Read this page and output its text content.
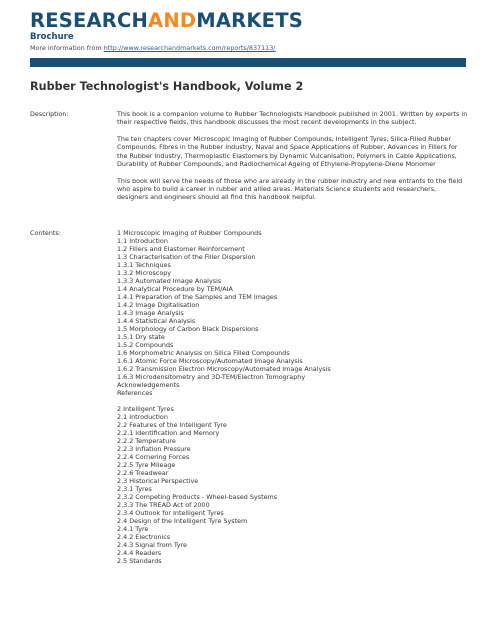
RESEARCHANDMARKETS
Brochure
More information from http://www.researchandmarkets.com/reports/837113/
Rubber Technologist's Handbook, Volume 2
Description:	This book is a companion volume to Rubber Technologists Handbook published in 2001. Written by experts in their respective fields, this handbook discusses the most recent developments in the subject.

The ten chapters cover Microscopic Imaging of Rubber Compounds, Intelligent Tyres, Silica-Filled Rubber Compounds, Fibres in the Rubber Industry, Naval and Space Applications of Rubber, Advances in Fillers for the Rubber Industry, Thermoplastic Elastomers by Dynamic Vulcanisation, Polymers in Cable Applications, Durability of Rubber Compounds, and Radiochemical Ageing of Ethylene-Propylene-Diene Monomer

This book will serve the needs of those who are already in the rubber industry and new entrants to the field who aspire to build a career in rubber and allied areas. Materials Science students and researchers, designers and engineers should all find this handbook helpful.

Contents:	1 Microscopic Imaging of Rubber Compounds
1.1 Introduction
1.2 Fillers and Elastomer Reinforcement
1.3 Characterisation of the Filler Dispersion
1.3.1 Techniques
1.3.2 Microscopy
1.3.3 Automated Image Analysis
1.4 Analytical Procedure by TEM/AIA
1.4.1 Preparation of the Samples and TEM Images
1.4.2 Image Digitalisation
1.4.3 Image Analysis
1.4.4 Statistical Analysis
1.5 Morphology of Carbon Black Dispersions
1.5.1 Dry state
1.5.2 Compounds
1.6 Morphometric Analysis on Silica Filled Compounds
1.6.1 Atomic Force Microscopy/Automated Image Analysis
1.6.2 Transmission Electron Microscopy/Automated Image Analysis
1.6.3 Microdensitometry and 3D-TEM/Electron Tomography
Acknowledgements
References
2 Intelligent Tyres
2.1 Introduction
2.2 Features of the Intelligent Tyre
2.2.1 Identification and Memory
2.2.2 Temperature
2.2.3 Inflation Pressure
2.2.4 Cornering Forces
2.2.5 Tyre Mileage
2.2.6 Treadwear
2.3 Historical Perspective
2.3.1 Tyres
2.3.2 Competing Products - Wheel-based Systems
2.3.3 The TREAD Act of 2000
2.3.4 Outlook for Intelligent Tyres
2.4 Design of the Intelligent Tyre System
2.4.1 Tyre
2.4.2 Electronics
2.4.3 Signal from Tyre
2.4.4 Readers
2.5 Standards
